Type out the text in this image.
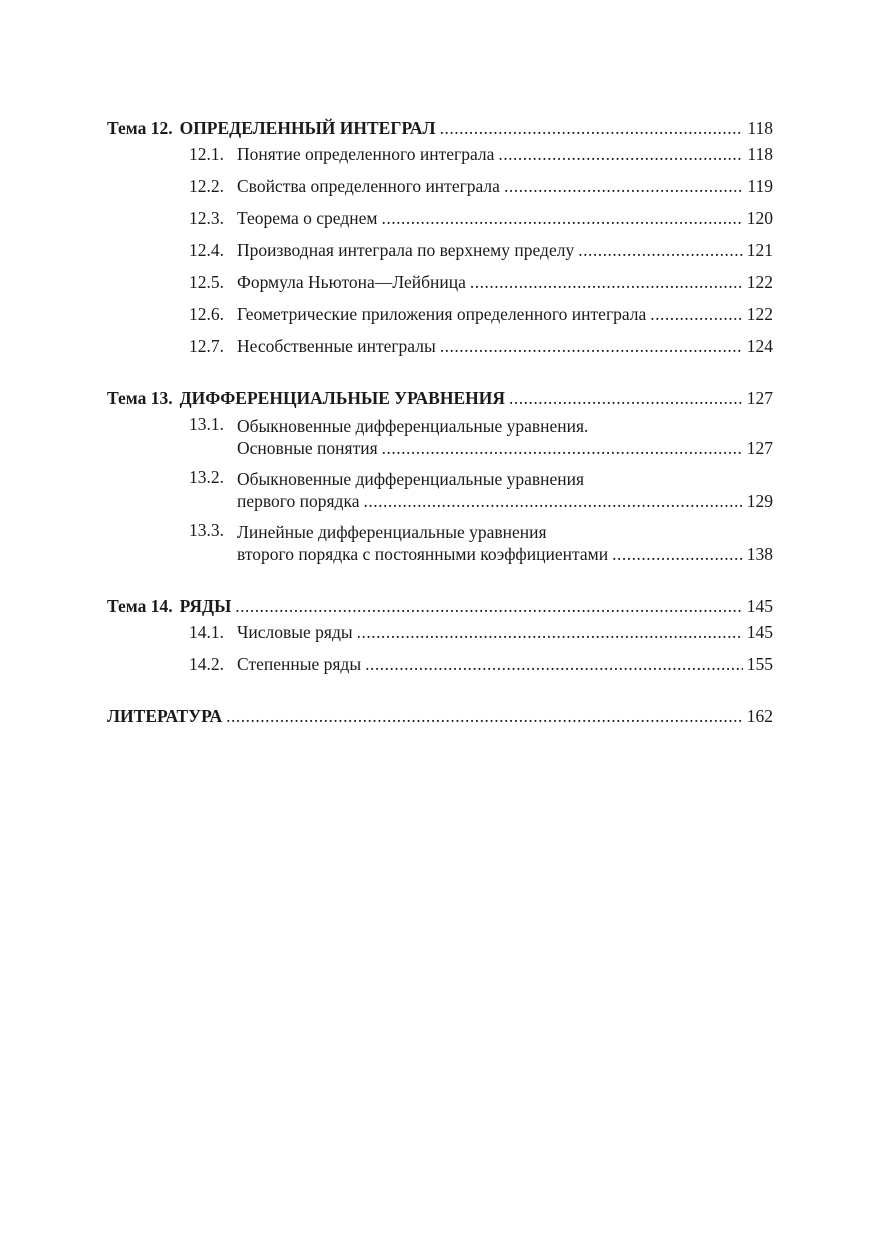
Тема 12. ОПРЕДЕЛЕННЫЙ ИНТЕГРАЛ .....	118
12.1. Понятие определенного интеграла .....	118
12.2. Свойства определенного интеграла .....	119
12.3. Теорема о среднем .....	120
12.4. Производная интеграла по верхнему пределу .....	121
12.5. Формула Ньютона—Лейбница .....	122
12.6. Геометрические приложения определенного интеграла .....	122
12.7. Несобственные интегралы .....	124
Тема 13. ДИФФЕРЕНЦИАЛЬНЫЕ УРАВНЕНИЯ .....	127
13.1. Обыкновенные дифференциальные уравнения.
Основные понятия .....	127
13.2. Обыкновенные дифференциальные уравнения
первого порядка .....	129
13.3. Линейные дифференциальные уравнения
второго порядка с постоянными коэффициентами .....	138
Тема 14. РЯДЫ .....	145
14.1. Числовые ряды .....	145
14.2. Степенные ряды .....	155
ЛИТЕРАТУРА .....	162
